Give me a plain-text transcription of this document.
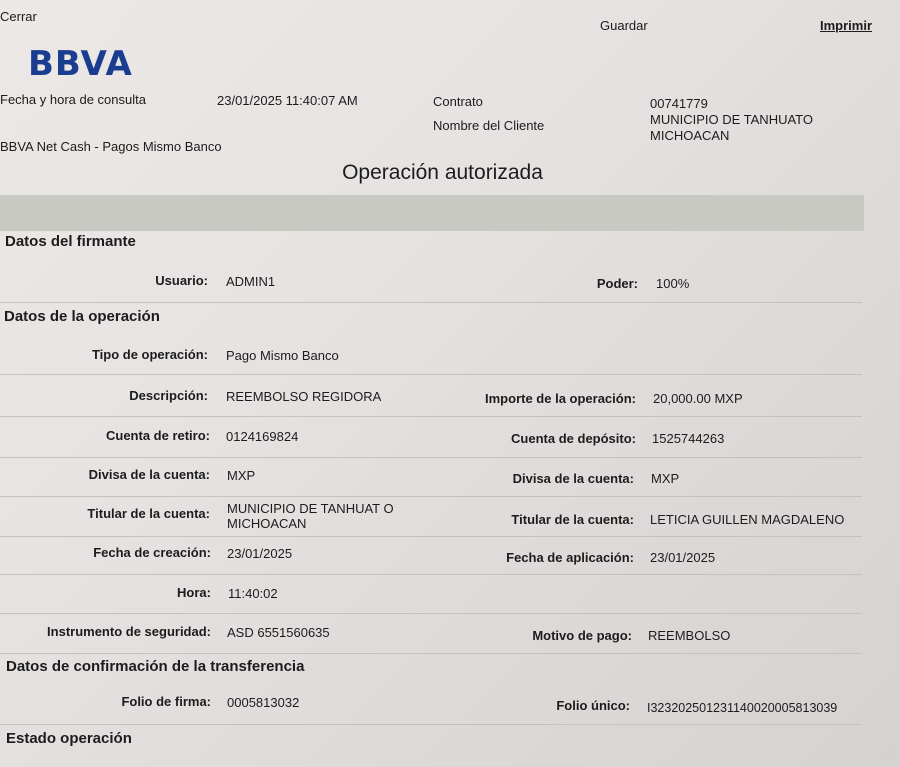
Cerrar
Guardar	Imprimir
BBVA
Fecha y hora de consulta	23/01/2025 11:40:07 AM	Contrato	00741779
Nombre del Cliente	MUNICIPIO DE TANHUATO
MICHOACAN
BBVA Net Cash - Pagos Mismo Banco
Operación autorizada
Datos del firmante
Usuario: ADMIN1	Poder: 100%
Datos de la operación
Tipo de operación: Pago Mismo Banco
Descripción: REEMBOLSO REGIDORA	Importe de la operación: 20,000.00 MXP
Cuenta de retiro: 0124169824	Cuenta de depósito: 1525744263
Divisa de la cuenta: MXP	Divisa de la cuenta: MXP
Titular de la cuenta: MUNICIPIO DE TANHUAT O
MICHOACAN	Titular de la cuenta: LETICIA GUILLEN MAGDALENO
Fecha de creación: 23/01/2025	Fecha de aplicación: 23/01/2025
Hora: 11:40:02
Instrumento de seguridad: ASD 6551560635	Motivo de pago: REEMBOLSO
Datos de confirmación de la transferencia
Folio de firma: 0005813032	Folio único: I32320250123114002000581303​9
Estado operación
